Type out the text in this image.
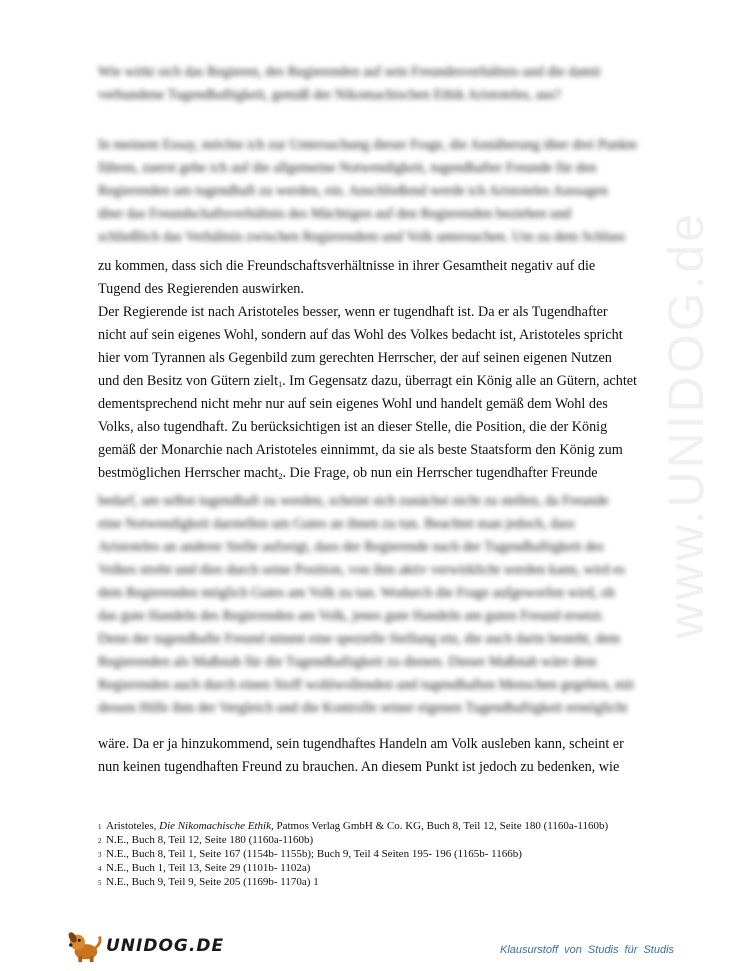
www.UNIDOG.de
Wie wirkt sich das Regieren, des Regierenden auf sein Freundesverhältnis und die damit
verbundene Tugendhaftigkeit, gemäß der Nikomachischen Ethik Aristoteles, aus?
In meinem Essay, möchte ich zur Untersuchung dieser Frage, die Annäherung über drei Punkte
führen, zuerst gehe ich auf die allgemeine Notwendigkeit, tugendhafter Freunde für den
Regierenden um tugendhaft zu werden, ein. Anschließend werde ich Aristoteles Aussagen
über das Freundschaftsverhältnis des Mächtigen auf den Regierenden beziehen und
schließlich das Verhältnis zwischen Regierendem und Volk untersuchen. Um zu dem Schluss
zu kommen, dass sich die Freundschaftsverhältnisse in ihrer Gesamtheit negativ auf die
Tugend des Regierenden auswirken.
Der Regierende ist nach Aristoteles besser, wenn er tugendhaft ist. Da er als Tugendhafter
nicht auf sein eigenes Wohl, sondern auf das Wohl des Volkes bedacht ist, Aristoteles spricht
hier vom Tyrannen als Gegenbild zum gerechten Herrscher, der auf seinen eigenen Nutzen
und den Besitz von Gütern zielt1. Im Gegensatz dazu, überragt ein König alle an Gütern, achtet
dementsprechend nicht mehr nur auf sein eigenes Wohl und handelt gemäß dem Wohl des
Volks, also tugendhaft. Zu berücksichtigen ist an dieser Stelle, die Position, die der König
gemäß der Monarchie nach Aristoteles einnimmt, da sie als beste Staatsform den König zum
bestmöglichen Herrscher macht2. Die Frage, ob nun ein Herrscher tugendhafter Freunde
bedarf, um selbst tugendhaft zu werden, scheint sich zunächst nicht zu stellen, da Freunde
eine Notwendigkeit darstellen um Gutes an ihnen zu tun. Beachtet man jedoch, dass
Aristoteles an anderer Stelle aufzeigt, dass der Regierende nach der Tugendhaftigkeit des
Volkes strebt und dies durch seine Position, von ihm aktiv verwirklicht werden kann, wird es
dem Regierenden möglich Gutes am Volk zu tun. Wodurch die Frage aufgeworfen wird, ob
das gute Handeln des Regierenden am Volk, jenes gute Handeln am guten Freund ersetzt.
Denn der tugendhafte Freund nimmt eine spezielle Stellung ein, die auch darin besteht, dem
Regierenden als Maßstab für die Tugendhaftigkeit zu dienen. Dieser Maßstab wäre dem
Regierenden auch durch einen Stoff wohlwollenden und tugendhaften Menschen gegeben, mit
dessen Hilfe ihm der Vergleich und die Kontrolle seiner eigenen Tugendhaftigkeit ermöglicht
wäre. Da er ja hinzukommend, sein tugendhaftes Handeln am Volk ausleben kann, scheint er
nun keinen tugendhaften Freund zu brauchen. An diesem Punkt ist jedoch zu bedenken, wie
1 Aristoteles, Die Nikomachische Ethik, Patmos Verlag GmbH & Co. KG, Buch 8, Teil 12, Seite 180 (1160a-1160b)
2 N.E., Buch 8, Teil 12, Seite 180 (1160a-1160b)
3 N.E., Buch 8, Teil 1, Seite 167 (1154b- 1155b); Buch 9, Teil 4 Seiten 195- 196 (1165b- 1166b)
4 N.E., Buch 1, Teil 13, Seite 29 (1101b- 1102a)
5 N.E., Buch 9, Teil 9, Seite 205 (1169b- 1170a) 1
UNIDOG.DE	Klausurstoff von Studis für Studis
